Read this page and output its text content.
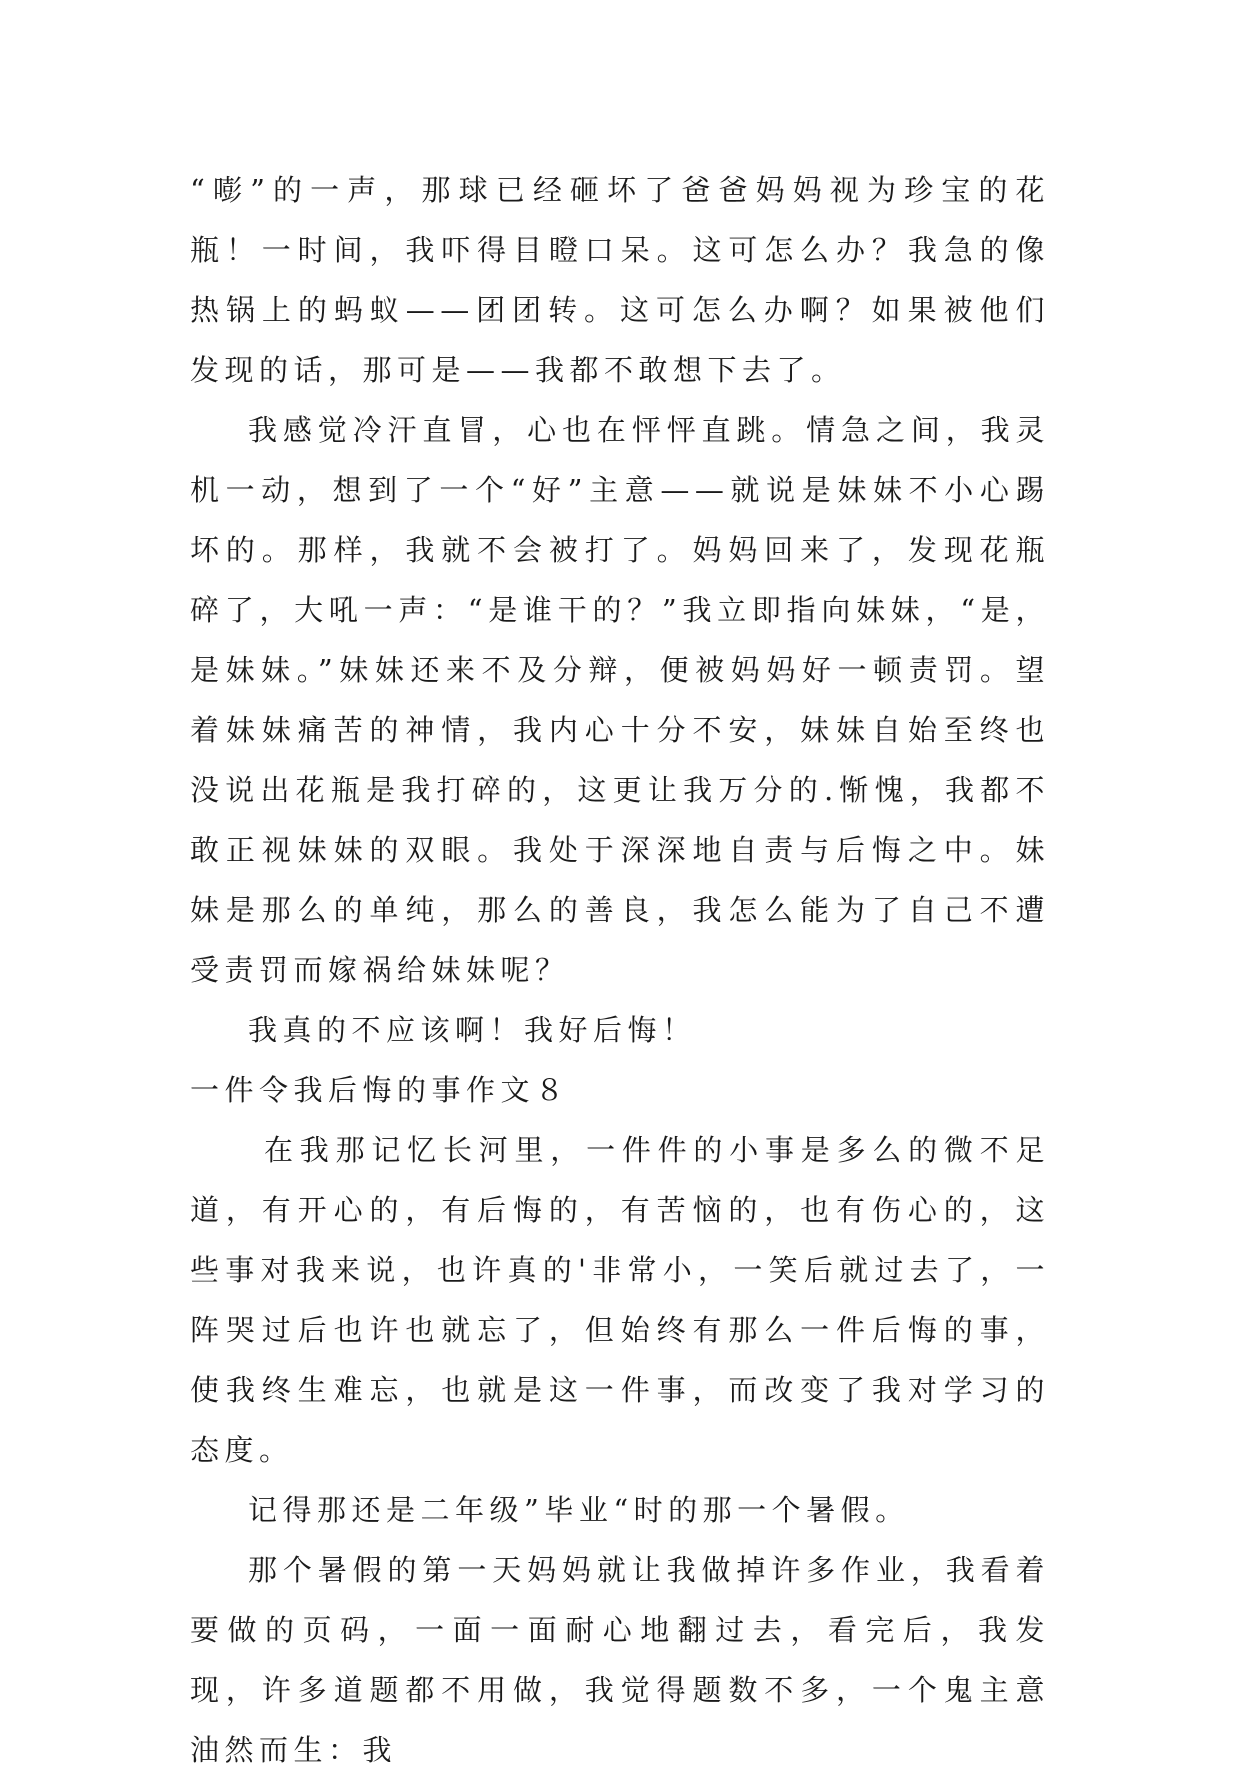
“嘭”的一声，那球已经砸坏了爸爸妈妈视为珍宝的花瓶！一时间，我吓得目瞪口呆。这可怎么办？我急的像热锅上的蚂蚁——团团转。这可怎么办啊？如果被他们发现的话，那可是——我都不敢想下去了。

我感觉冷汗直冒，心也在怦怦直跳。情急之间，我灵机一动，想到了一个“好”主意——就说是妹妹不小心踢坏的。那样，我就不会被打了。妈妈回来了，发现花瓶碎了，大吼一声：“是谁干的？”我立即指向妹妹，“是，是妹妹。”妹妹还来不及分辩，便被妈妈好一顿责罚。望着妹妹痛苦的神情，我内心十分不安，妹妹自始至终也没说出花瓶是我打碎的，这更让我万分的.惭愧，我都不敢正视妹妹的双眼。我处于深深地自责与后悔之中。妹妹是那么的单纯，那么的善良，我怎么能为了自己不遭受责罚而嫁祸给妹妹呢？

我真的不应该啊！我好后悔！

一件令我后悔的事作文８

在我那记忆长河里，一件件的小事是多么的微不足道，有开心的，有后悔的，有苦恼的，也有伤心的，这些事对我来说，也许真的'非常小，一笑后就过去了，一阵哭过后也许也就忘了，但始终有那么一件后悔的事，使我终生难忘，也就是这一件事，而改变了我对学习的态度。

记得那还是二年级”毕业“时的那一个暑假。

那个暑假的第一天妈妈就让我做掉许多作业，我看着要做的页码，一面一面耐心地翻过去，看完后，我发现，许多道题都不用做，我觉得题数不多，一个鬼主意油然而生：我
